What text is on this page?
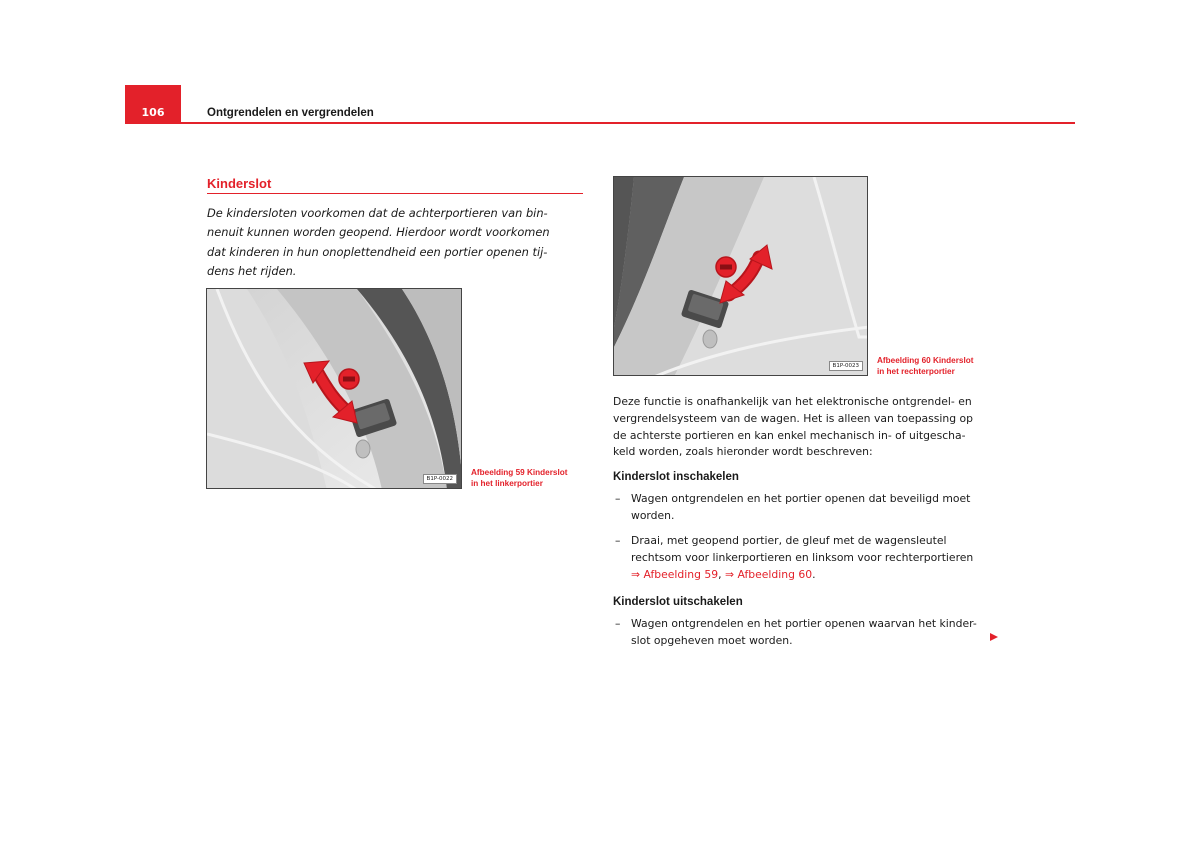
106	Ontgrendelen en vergrendelen
Kinderslot
De kindersloten voorkomen dat de achterportieren van bin-
nenuit kunnen worden geopend. Hierdoor wordt voorkomen
dat kinderen in hun onoplettendheid een portier openen tij-
dens het rijden.
B1P-0022
Afbeelding 59 Kinderslot
in het linkerportier
B1P-0023
Afbeelding 60 Kinderslot
in het rechterportier
Deze functie is onafhankelijk van het elektronische ontgrendel- en
vergrendelsysteem van de wagen. Het is alleen van toepassing op
de achterste portieren en kan enkel mechanisch in- of uitgescha-
keld worden, zoals hieronder wordt beschreven:
Kinderslot inschakelen
– Wagen ontgrendelen en het portier openen dat beveiligd moet
worden.
– Draai, met geopend portier, de gleuf met de wagensleutel
rechtsom voor linkerportieren en linksom voor rechterportieren
⇒ Afbeelding 59, ⇒ Afbeelding 60.
Kinderslot uitschakelen
– Wagen ontgrendelen en het portier openen waarvan het kinder-
slot opgeheven moet worden.
